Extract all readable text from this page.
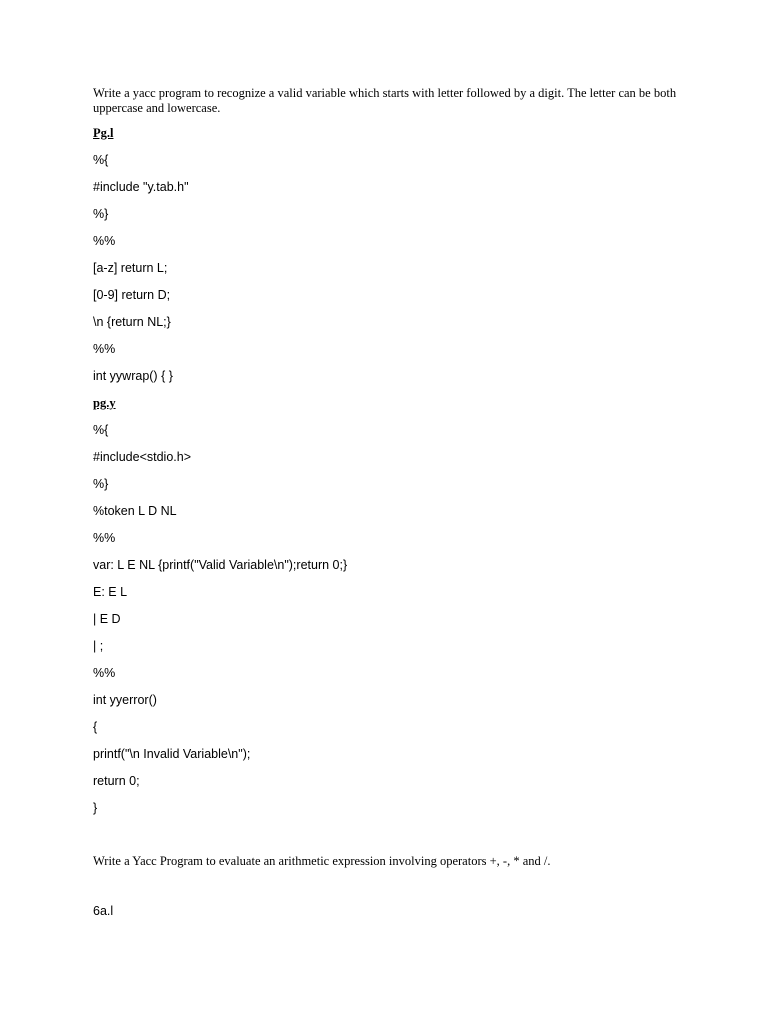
Write a yacc program to recognize a valid variable which starts with letter followed by a digit. The letter can be both uppercase and lowercase.

Pg.l
%{
#include "y.tab.h"
%}
%%
[a-z] return L;
[0-9] return D;
\n {return NL;}
%%
int yywrap() { }
pg.y
%{
#include<stdio.h>
%}
%token L D NL
%%
var: L E NL {printf("Valid Variable\n");return 0;}
E: E L
| E D
| ;
%%
int yyerror()
{
printf("\n Invalid Variable\n");
return 0;
}

Write a Yacc Program to evaluate an arithmetic expression involving operators +, -, * and /.

6a.l
